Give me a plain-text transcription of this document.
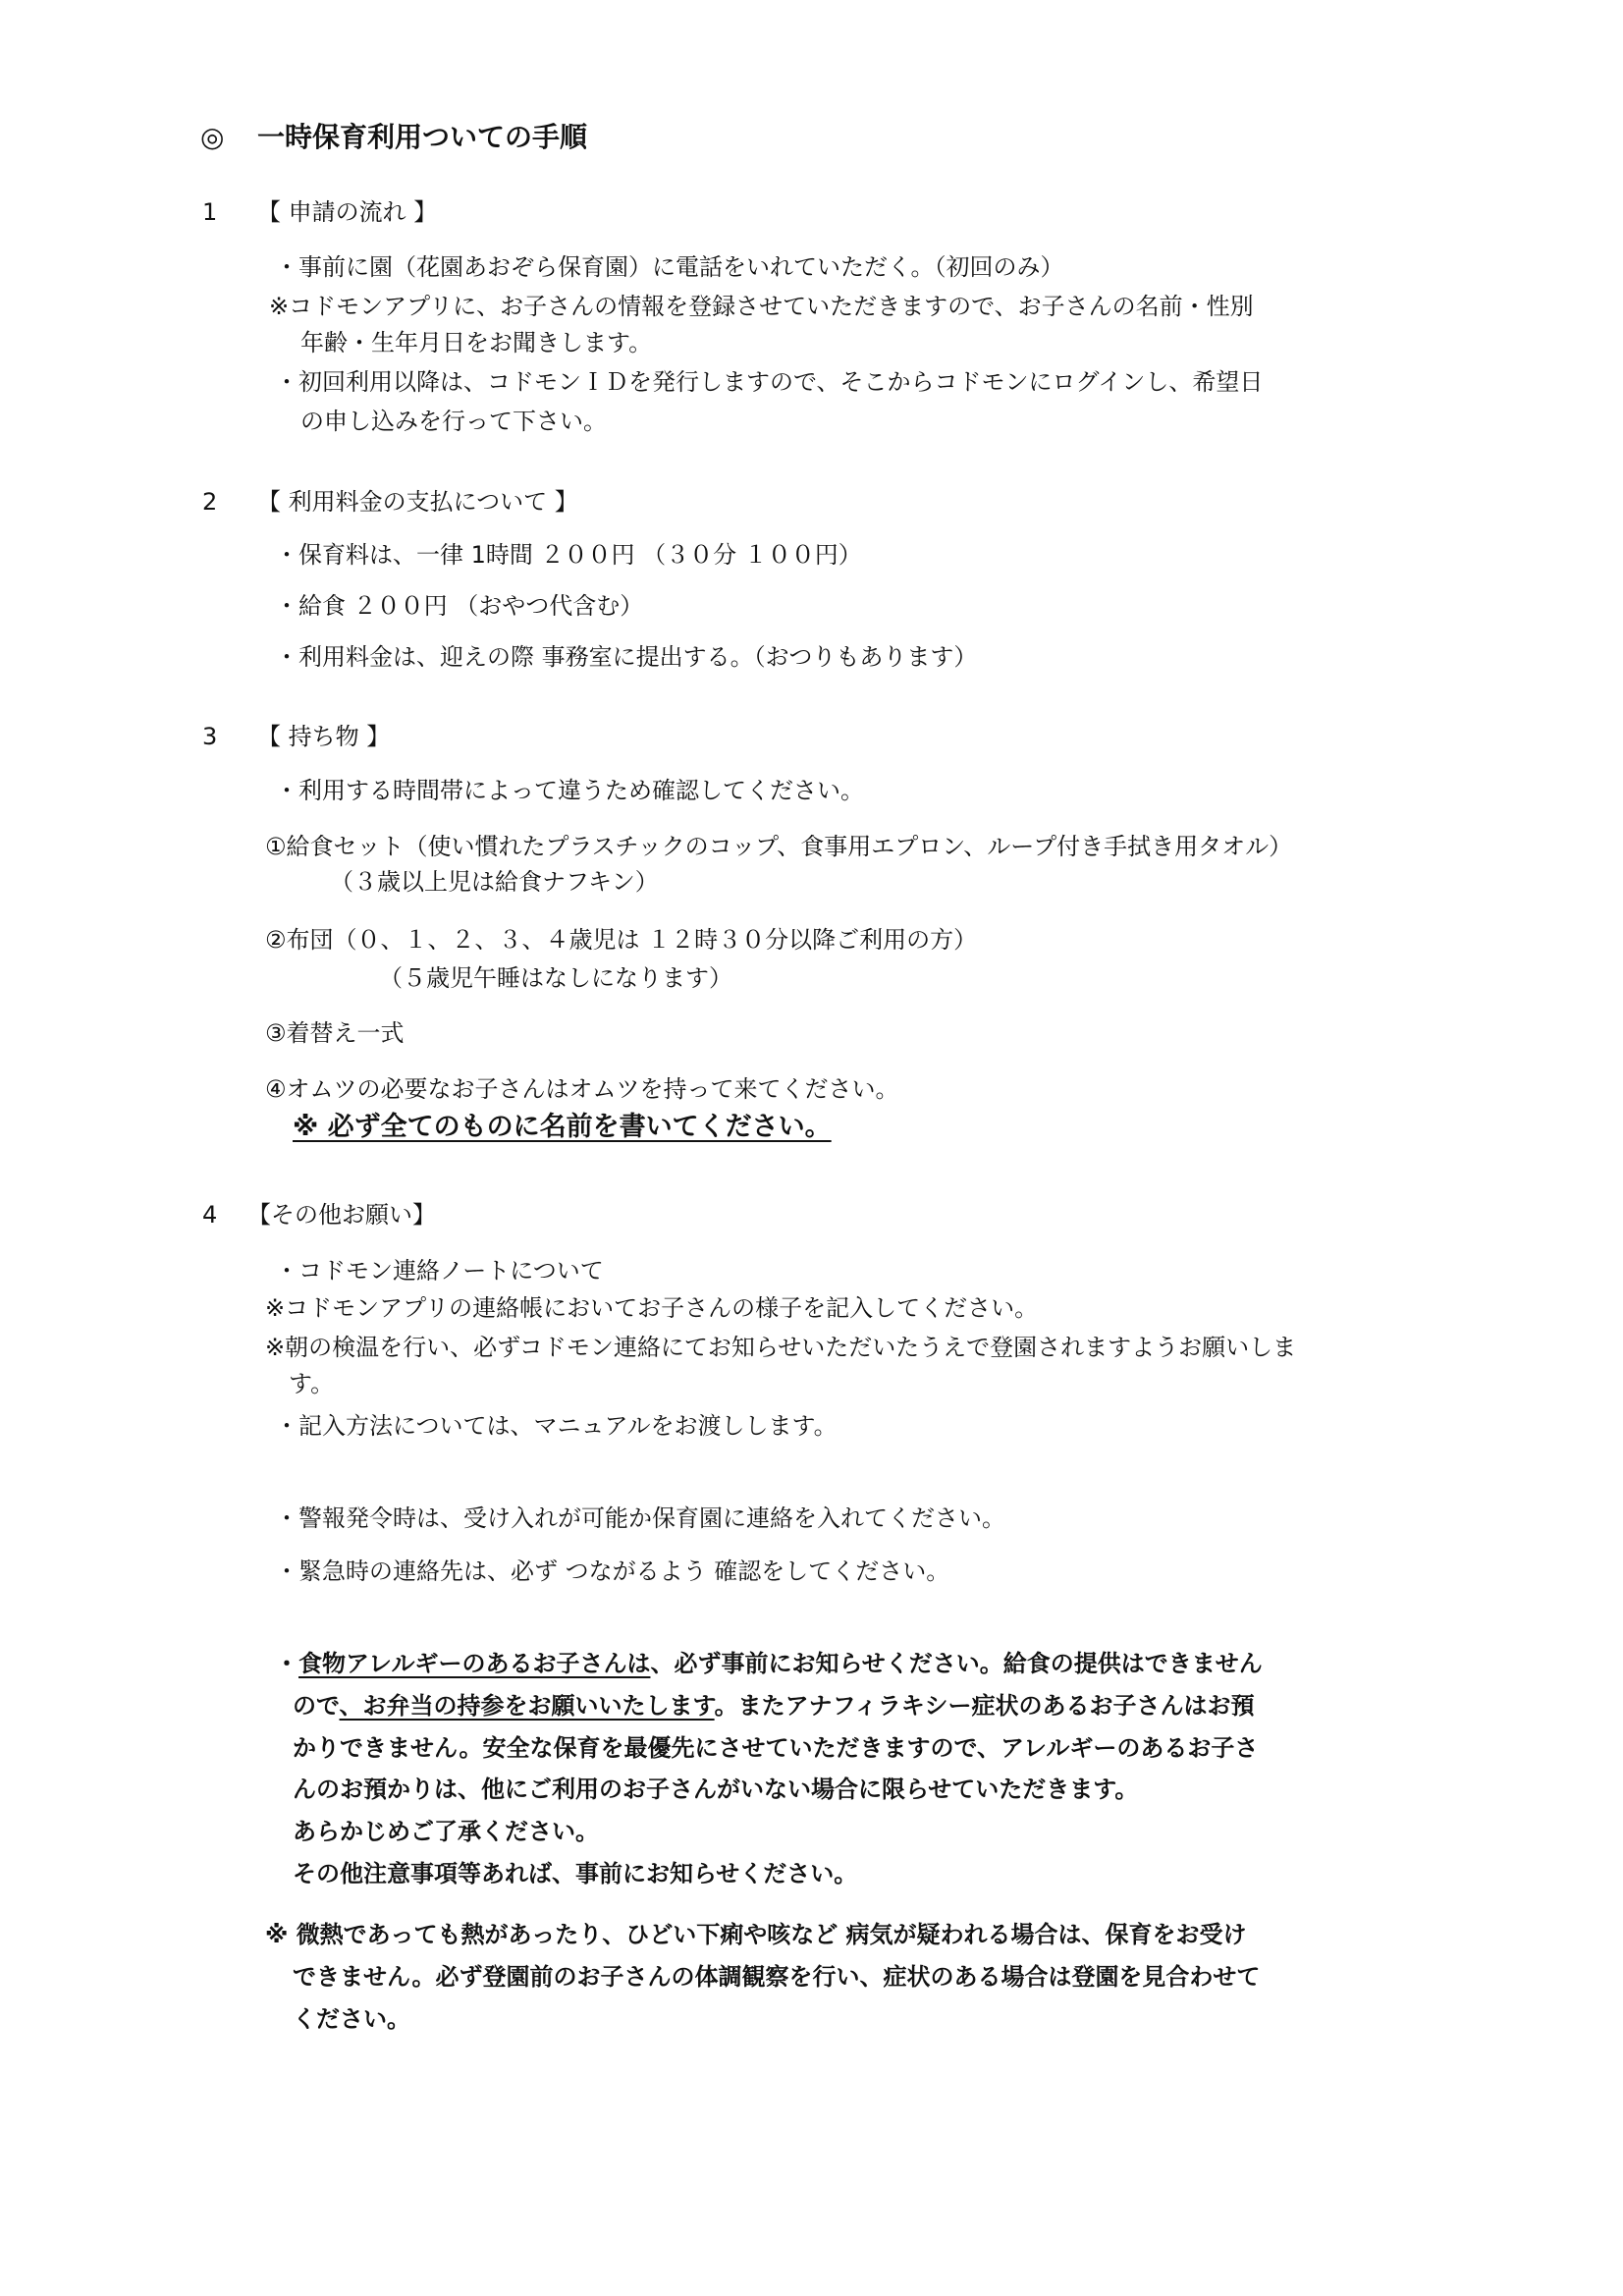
◎ 一時保育利用ついての手順
1 【 申請の流れ 】
・事前に園（花園あおぞら保育園）に電話をいれていただく。（初回のみ）
※コドモンアプリに、お子さんの情報を登録させていただきますので、お子さんの名前・性別
年齢・生年月日をお聞きします。
・初回利用以降は、コドモンＩＤを発行しますので、そこからコドモンにログインし、希望日
の申し込みを行って下さい。
2 【 利用料金の支払について 】
・保育料は、一律 1時間 ２００円 （３０分 １００円）
・給食 ２００円 （おやつ代含む）
・利用料金は、迎えの際 事務室に提出する。（おつりもあります）
3 【 持ち物 】
・利用する時間帯によって違うため確認してください。
①給食セット（使い慣れたプラスチックのコップ、食事用エプロン、ループ付き手拭き用タオル）
（３歳以上児は給食ナフキン）
②布団（０、１、２、３、４歳児は １２時３０分以降ご利用の方）
（５歳児午睡はなしになります）
③着替え一式
④オムツの必要なお子さんはオムツを持って来てください。
※ 必ず全てのものに名前を書いてください。
4 【その他お願い】
・コドモン連絡ノートについて
※コドモンアプリの連絡帳においてお子さんの様子を記入してください。
※朝の検温を行い、必ずコドモン連絡にてお知らせいただいたうえで登園されますようお願いしま
す。
・記入方法については、マニュアルをお渡しします。
・警報発令時は、受け入れが可能か保育園に連絡を入れてください。
・緊急時の連絡先は、必ず つながるよう 確認をしてください。
・食物アレルギーのあるお子さんは、必ず事前にお知らせください。給食の提供はできません
ので、お弁当の持参をお願いいたします。またアナフィラキシー症状のあるお子さんはお預
かりできません。安全な保育を最優先にさせていただきますので、アレルギーのあるお子さ
んのお預かりは、他にご利用のお子さんがいない場合に限らせていただきます。
あらかじめご了承ください。
その他注意事項等あれば、事前にお知らせください。
※ 微熱であっても熱があったり、ひどい下痢や咳など 病気が疑われる場合は、保育をお受け
できません。必ず登園前のお子さんの体調観察を行い、症状のある場合は登園を見合わせて
ください。
